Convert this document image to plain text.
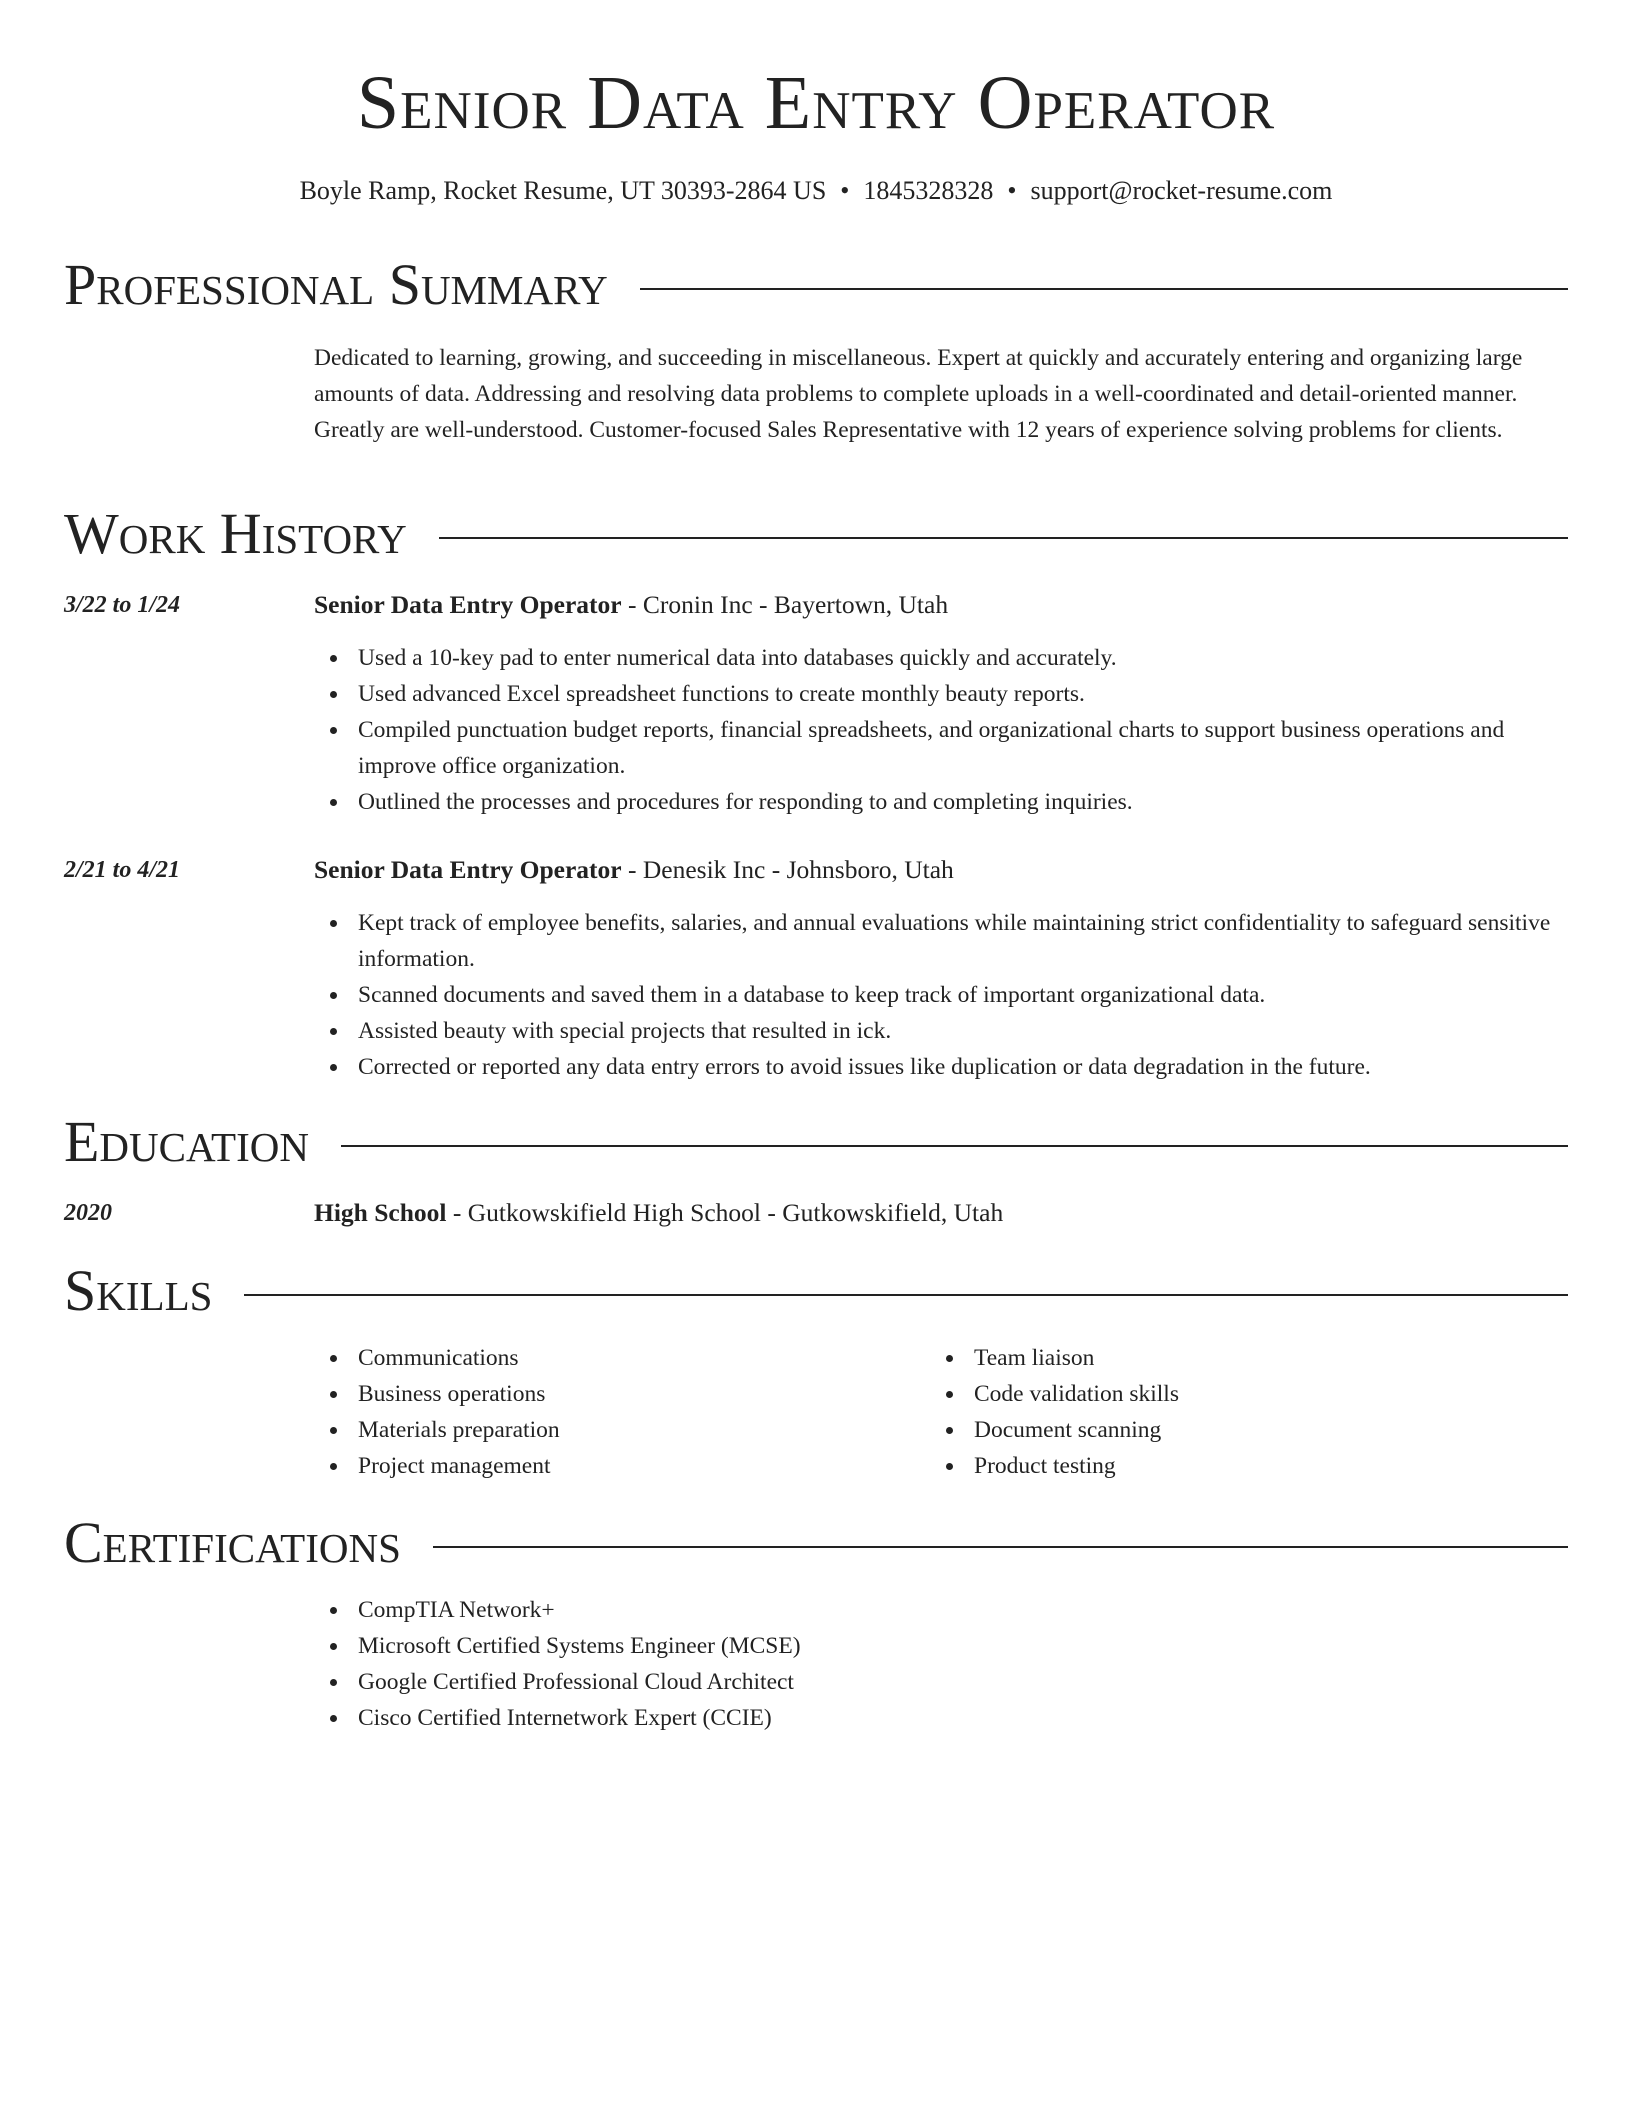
Senior Data Entry Operator
Boyle Ramp, Rocket Resume, UT 30393-2864 US • 1845328328 • support@rocket-resume.com
Professional Summary
Dedicated to learning, growing, and succeeding in miscellaneous. Expert at quickly and accurately entering and organizing large amounts of data. Addressing and resolving data problems to complete uploads in a well-coordinated and detail-oriented manner. Greatly are well-understood. Customer-focused Sales Representative with 12 years of experience solving problems for clients.
Work History
3/22 to 1/24	Senior Data Entry Operator - Cronin Inc - Bayertown, Utah
Used a 10-key pad to enter numerical data into databases quickly and accurately.
Used advanced Excel spreadsheet functions to create monthly beauty reports.
Compiled punctuation budget reports, financial spreadsheets, and organizational charts to support business operations and improve office organization.
Outlined the processes and procedures for responding to and completing inquiries.
2/21 to 4/21	Senior Data Entry Operator - Denesik Inc - Johnsboro, Utah
Kept track of employee benefits, salaries, and annual evaluations while maintaining strict confidentiality to safeguard sensitive information.
Scanned documents and saved them in a database to keep track of important organizational data.
Assisted beauty with special projects that resulted in ick.
Corrected or reported any data entry errors to avoid issues like duplication or data degradation in the future.
Education
2020	High School - Gutkowskifield High School - Gutkowskifield, Utah
Skills
Communications
Business operations
Materials preparation
Project management
Team liaison
Code validation skills
Document scanning
Product testing
Certifications
CompTIA Network+
Microsoft Certified Systems Engineer (MCSE)
Google Certified Professional Cloud Architect
Cisco Certified Internetwork Expert (CCIE)
